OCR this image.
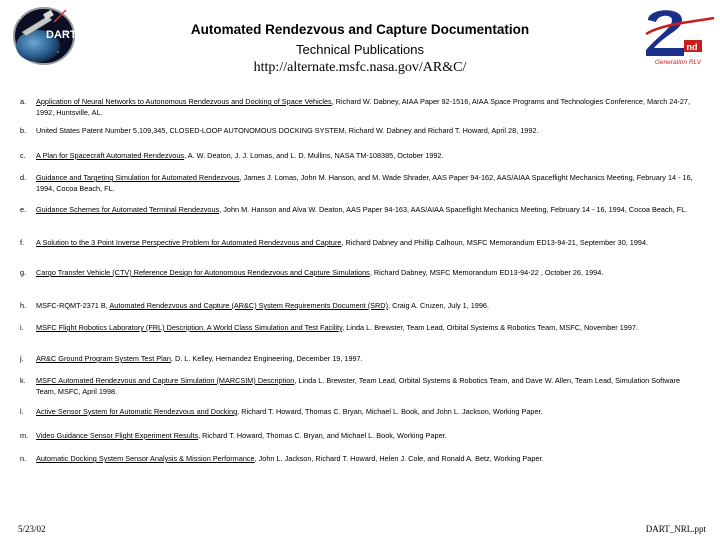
DART	Automated Rendezvous and Capture Documentation
Technical Publications
http://alternate.msfc.nasa.gov/AR&C/
nd
Generation RLV
a.	Application of Neural Networks to Autonomous Rendezvous and Docking of Space Vehicles, Richard W. Dabney, AIAA Paper 92-1516, AIAA Space Programs and Technologies Conference, March 24-27, 1992, Huntsville, AL.
b.	United States Patent Number 5,109,345, CLOSED-LOOP AUTONOMOUS DOCKING SYSTEM, Richard W. Dabney and Richard T. Howard, April 28, 1992.
c.	A Plan for Spacecraft Automated Rendezvous, A. W. Deaton, J. J. Lomas, and L. D. Mullins, NASA TM-108385, October 1992.
d.	Guidance and Targeting Simulation for Automated Rendezvous, James J. Lomas, John M. Hanson, and M. Wade Shrader, AAS Paper 94-162, AAS/AIAA Spaceflight Mechanics Meeting, February 14 - 16, 1994, Cocoa Beach, FL.
e.	Guidance Schemes for Automated Terminal Rendezvous, John M. Hanson and Alva W. Deaton, AAS Paper 94-163, AAS/AIAA Spaceflight Mechanics Meeting, February 14 - 16, 1994, Cocoa Beach, FL.
f.	A Solution to the 3 Point Inverse Perspective Problem for Automated Rendezvous and Capture, Richard Dabney and Phillip Calhoun, MSFC Memorandum ED13-94-21, September 30, 1994.
g.	Cargo Transfer Vehicle (CTV) Reference Design for Autonomous Rendezvous and Capture Simulations, Richard Dabney, MSFC Memorandum ED13-94-22 , October 26, 1994.
h.	MSFC-RQMT-2371 B, Automated Rendezvous and Capture (AR&C) System Requirements Document (SRD), Craig A. Cruzen, July 1, 1996.
i.	MSFC Flight Robotics Laboratory (FRL) Description. A World Class Simulation and Test Facility, Linda L. Brewster, Team Lead, Orbital Systems & Robotics Team, MSFC, November 1997.
j.	AR&C Ground Program System Test Plan, D. L. Kelley, Hernandez Engineering, December 19, 1997.
k.	MSFC Automated Rendezvous and Capture Simulation (MARCSIM) Description, Linda L. Brewster, Team Lead, Orbital Systems & Robotics Team, and Dave W. Allen, Team Lead, Simulation Software Team, MSFC, April 1998.
l.	Active Sensor System for Automatic Rendezvous and Docking, Richard T. Howard, Thomas C. Bryan, Michael L. Book, and John L. Jackson, Working Paper.
m.	Video Guidance Sensor Flight Experiment Results, Richard T. Howard, Thomas C. Bryan, and Michael L. Book, Working Paper.
n.	Automatic Docking System Sensor Analysis & Mission Performance, John L. Jackson, Richard T. Howard, Helen J. Cole, and Ronald A. Betz, Working Paper.
5/23/02	DART_NRL.ppt
